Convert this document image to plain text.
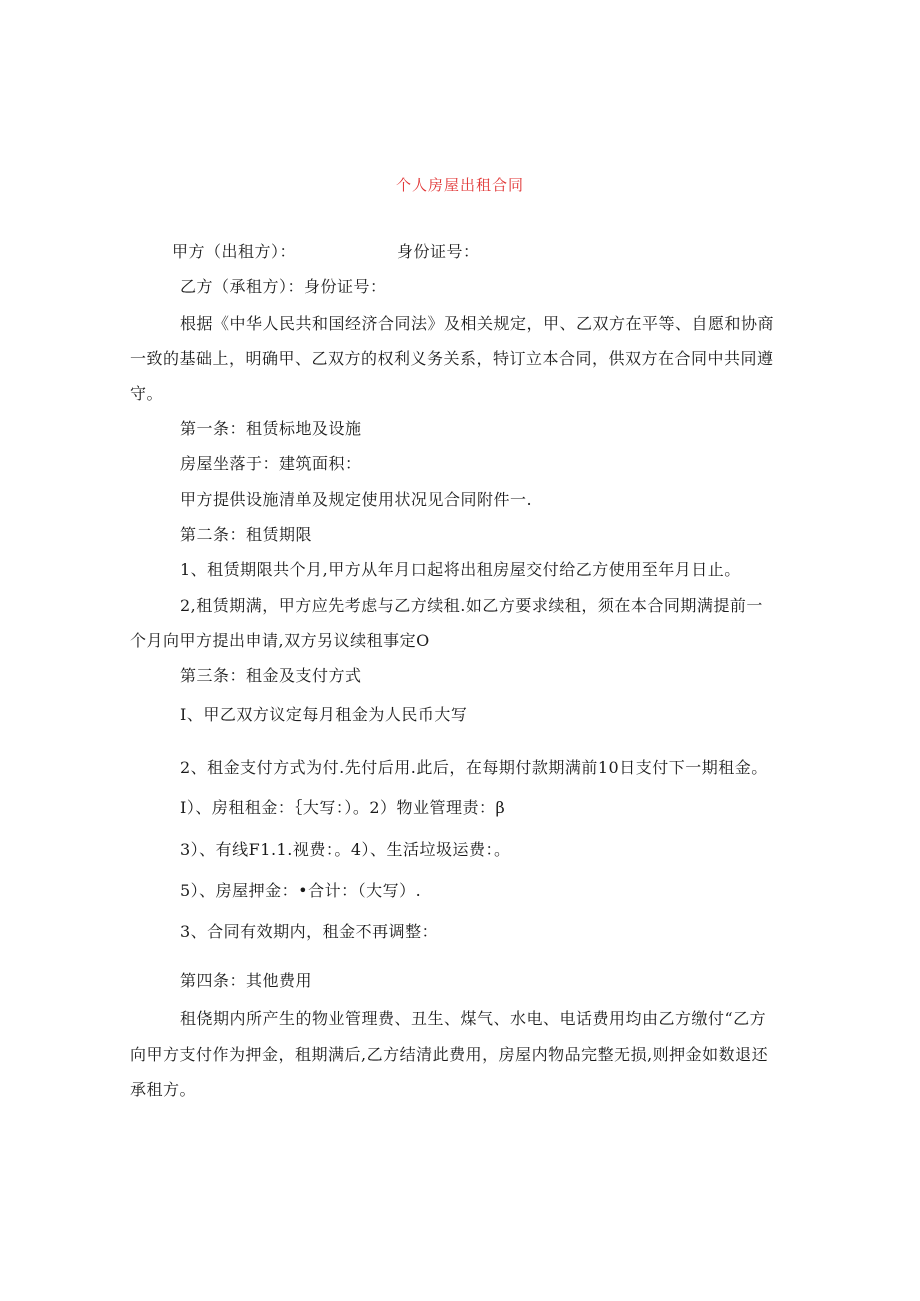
个人房屋出租合同
甲方（出租方）：	身份证号：
乙方（承租方）：身份证号：
根据《中华人民共和国经济合同法》及相关规定，甲、乙双方在平等、自愿和协商
一致的基础上，明确甲、乙双方的权利义务关系，特订立本合同，供双方在合同中共同遵
守。
第一条：租赁标地及设施
房屋坐落于：建筑面积：
甲方提供设施清单及规定使用状况见合同附件一.
第二条：租赁期限
1、租赁期限共个月,甲方从年月口起将出租房屋交付给乙方使用至年月日止。
2,租赁期满，甲方应先考虑与乙方续租.如乙方要求续租，须在本合同期满提前一
个月向甲方提出申请,双方另议续租事定O
第三条：租金及支付方式
I、甲乙双方议定每月租金为人民币大写
2、租金支付方式为付.先付后用.此后，在每期付款期满前10日支付下一期租金。
I）、房租租金：｛大写：）。2）物业管理责：β
3）、有线F1.1.视费：。4）、生活垃圾运费：。
5）、房屋押金：•合计：（大写）.
3、合同有效期内，租金不再调整：
第四条：其他费用
租侥期内所产生的物业管理费、丑生、煤气、水电、电话费用均由乙方缴付“乙方
向甲方支付作为押金，租期满后,乙方结清此费用，房屋内物品完整无损,则押金如数退还
承租方。
